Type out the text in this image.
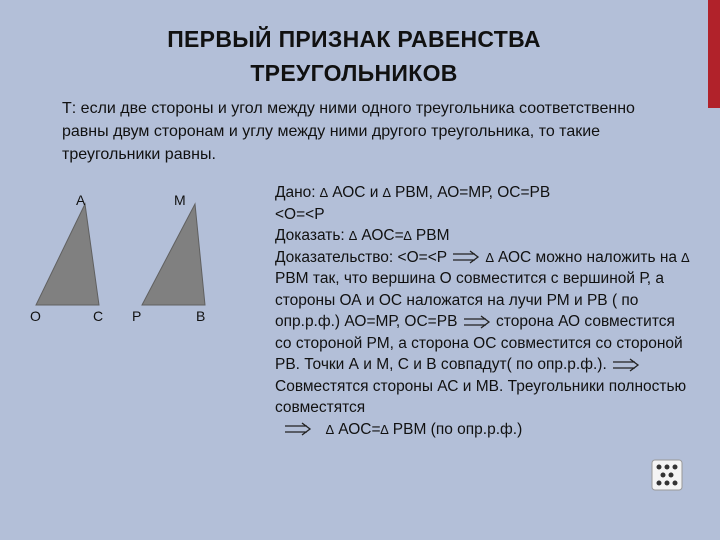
ПЕРВЫЙ ПРИЗНАК РАВЕНСТВА
ТРЕУГОЛЬНИКОВ
Т: если две стороны и угол между ними одного треугольника соответственно равны двум сторонам и углу между ними другого треугольника, то такие треугольники равны.
А
О	С
М
Р	В

Дано: ∆ АОС и ∆ РВМ, АО=МР, ОС=РВ

<О=<Р

Доказать: ∆ АОС=∆ РВМ

Доказательство: <О=<Р	∆ АОС можно наложить на ∆ РВМ так, что вершина О совместится с вершиной Р, а стороны ОА и ОС наложатся на лучи РМ и РВ ( по опр.р.ф.) АО=МР, ОС=РВ
сторона АО совместится со стороной РМ, а сторона ОС совместится со стороной РВ. Точки А и М, С и В совпадут( по опр.р.ф.).
Совместятся стороны АС и МВ. Треугольники полностью совместятся

∆ АОС=∆ РВМ (по опр.р.ф.)
